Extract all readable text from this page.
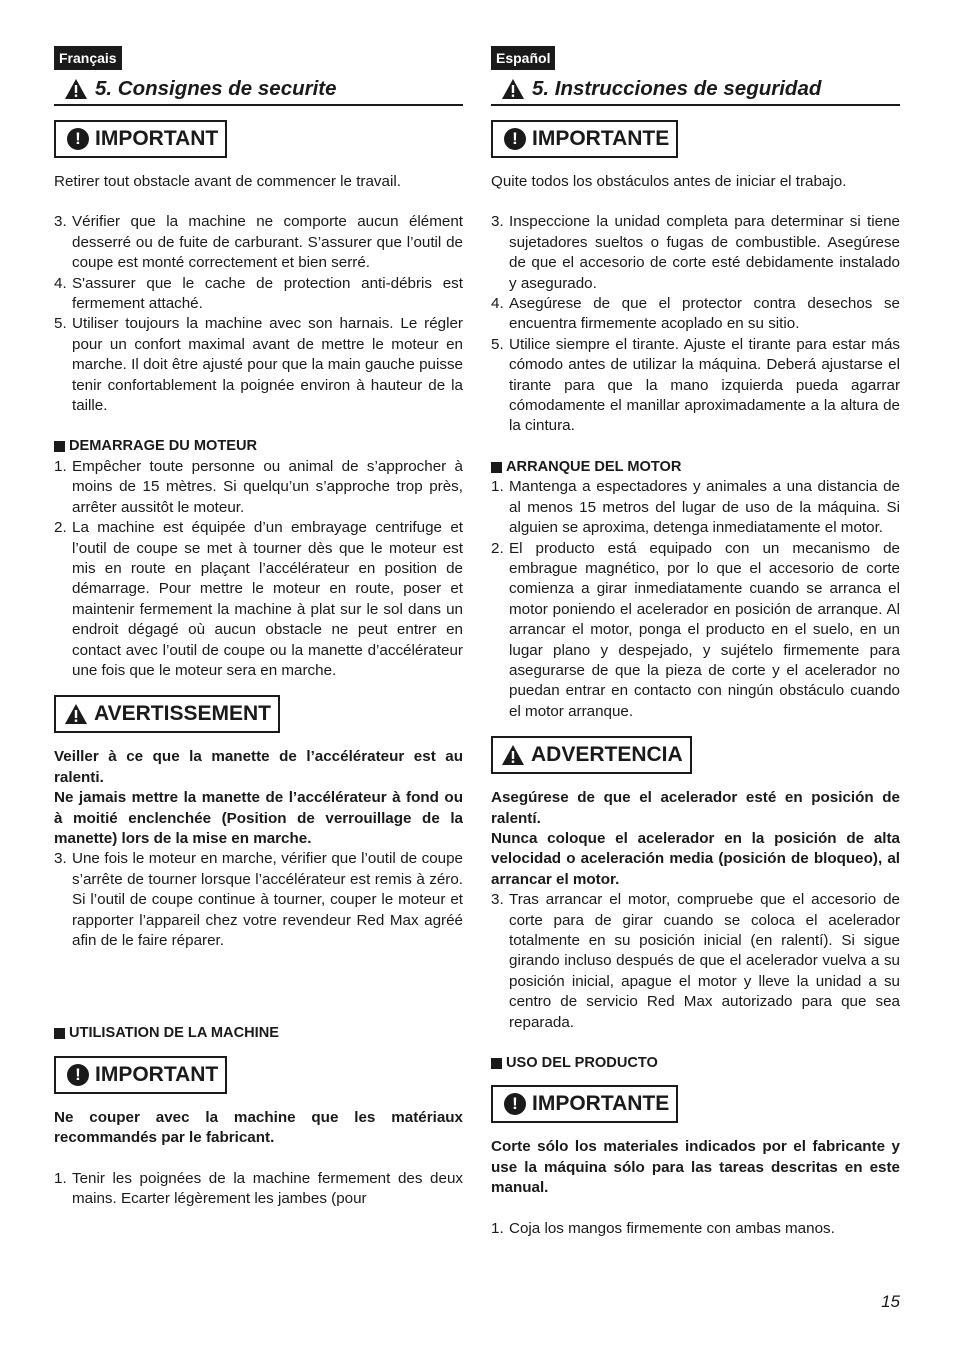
Français
5. Consignes de securite
! IMPORTANT

Retirer tout obstacle avant de commencer le travail.

3. Vérifier que la machine ne comporte aucun élément desserré ou de fuite de carburant. S’assurer que l’outil de coupe est monté correctement et bien serré.
4. S'assurer que le cache de protection anti-débris est fermement attaché.
5. Utiliser toujours la machine avec son harnais. Le régler pour un confort maximal avant de mettre le moteur en marche. Il doit être ajusté pour que la main gauche puisse tenir confortablement la poignée environ à hauteur de la taille.
DEMARRAGE DU MOTEUR
1. Empêcher toute personne ou animal de s’approcher à moins de 15 mètres. Si quelqu’un s’approche trop près, arrêter aussitôt le moteur.
2. La machine est équipée d’un embrayage centrifuge et l’outil de coupe se met à tourner dès que le moteur est mis en route en plaçant l’accélérateur en position de démarrage. Pour mettre le moteur en route, poser et maintenir fermement la machine à plat sur le sol dans un endroit dégagé où aucun obstacle ne peut entrer en contact avec l’outil de coupe ou la manette d’accélérateur une fois que le moteur sera en marche.
AVERTISSEMENT

Veiller à ce que la manette de l’accélérateur est au ralenti.

Ne jamais mettre la manette de l’accélérateur à fond ou à moitié enclenchée (Position de verrouillage de la manette) lors de la mise en marche.

3. Une fois le moteur en marche, vérifier que l’outil de coupe s’arrête de tourner lorsque l’accélérateur est remis à zéro. Si l’outil de coupe continue à tourner, couper le moteur et rapporter l’appareil chez votre revendeur Red Max agréé afin de le faire réparer.
UTILISATION DE LA MACHINE
! IMPORTANT

Ne couper avec la machine que les matériaux recommandés par le fabricant.

1. Tenir les poignées de la machine fermement des deux mains. Ecarter légèrement les jambes (pour
Español
5. Instrucciones de seguridad
! IMPORTANTE

Quite todos los obstáculos antes de iniciar el trabajo.

3. Inspeccione la unidad completa para determinar si tiene sujetadores sueltos o fugas de combustible. Asegúrese de que el accesorio de corte esté debidamente instalado y asegurado.
4. Asegúrese de que el protector contra desechos se encuentra firmemente acoplado en su sitio.
5. Utilice siempre el tirante. Ajuste el tirante para estar más cómodo antes de utilizar la máquina. Deberá ajustarse el tirante para que la mano izquierda pueda agarrar cómodamente el manillar aproximadamente a la altura de la cintura.
ARRANQUE DEL MOTOR
1. Mantenga a espectadores y animales a una distancia de al menos 15 metros del lugar de uso de la máquina. Si alguien se aproxima, detenga inmediatamente el motor.
2. El producto está equipado con un mecanismo de embrague magnético, por lo que el accesorio de corte comienza a girar inmediatamente cuando se arranca el motor poniendo el acelerador en posición de arranque. Al arrancar el motor, ponga el producto en el suelo, en un lugar plano y despejado, y sujételo firmemente para asegurarse de que la pieza de corte y el acelerador no puedan entrar en contacto con ningún obstáculo cuando el motor arranque.
ADVERTENCIA

Asegúrese de que el acelerador esté en posición de ralentí.

Nunca coloque el acelerador en la posición de alta velocidad o aceleración media (posición de bloqueo), al arrancar el motor.

3. Tras arrancar el motor, compruebe que el accesorio de corte para de girar cuando se coloca el acelerador totalmente en su posición inicial (en ralentí). Si sigue girando incluso después de que el acelerador vuelva a su posición inicial, apague el motor y lleve la unidad a su centro de servicio Red Max autorizado para que sea reparada.
USO DEL PRODUCTO
! IMPORTANTE

Corte sólo los materiales indicados por el fabricante y use la máquina sólo para las tareas descritas en este manual.

1. Coja los mangos firmemente con ambas manos.
15
